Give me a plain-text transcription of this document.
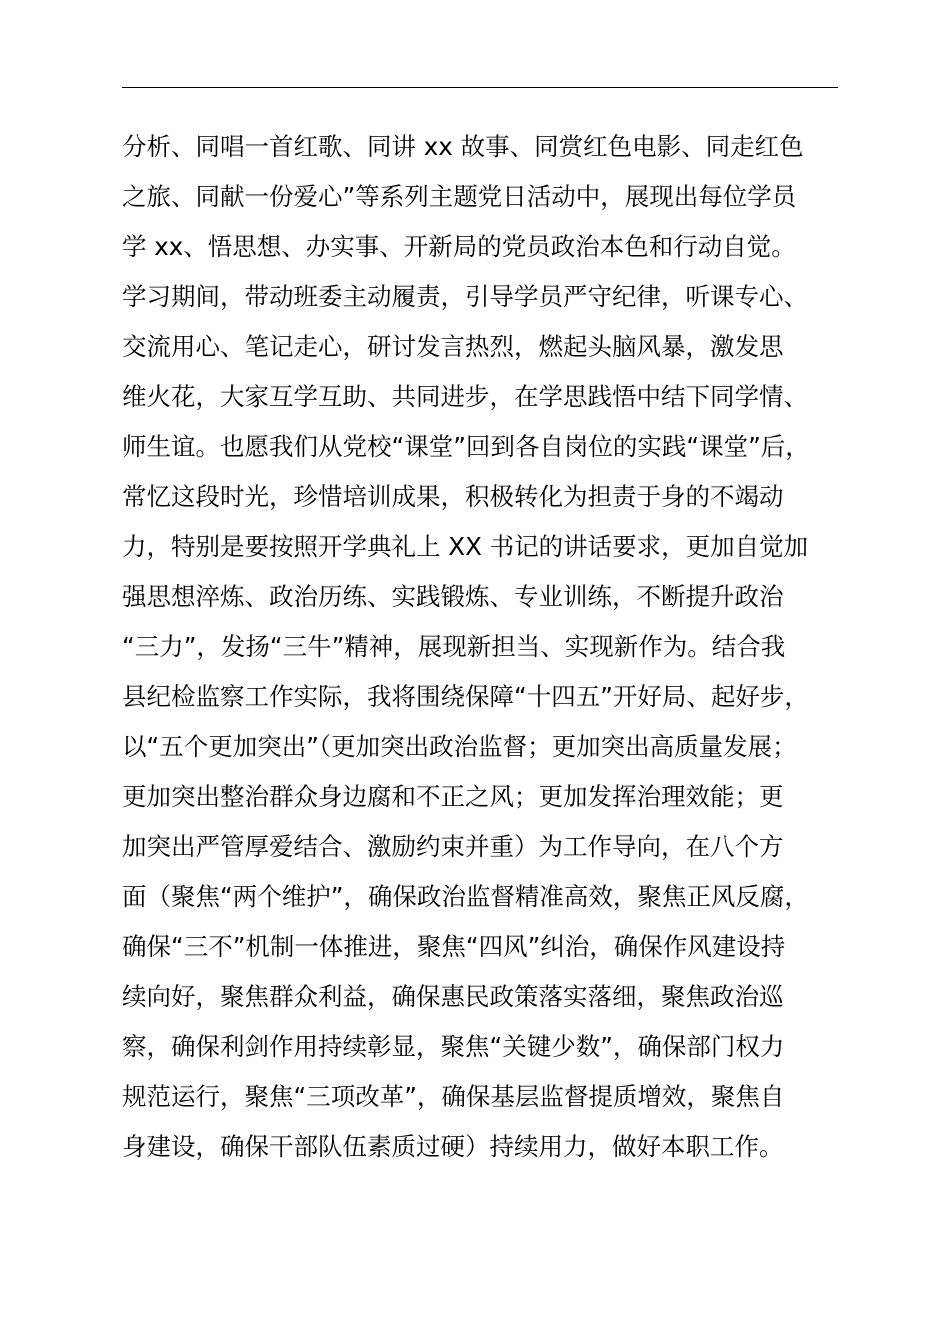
分析、同唱一首红歌、同讲 xx 故事、同赏红色电影、同走红色
之旅、同献一份爱心”等系列主题党日活动中，展现出每位学员
学 xx、悟思想、办实事、开新局的党员政治本色和行动自觉。
学习期间，带动班委主动履责，引导学员严守纪律，听课专心、
交流用心、笔记走心，研讨发言热烈，燃起头脑风暴，激发思
维火花，大家互学互助、共同进步，在学思践悟中结下同学情、
师生谊。也愿我们从党校“课堂”回到各自岗位的实践“课堂”后，
常忆这段时光，珍惜培训成果，积极转化为担责于身的不竭动
力，特别是要按照开学典礼上 XX 书记的讲话要求，更加自觉加
强思想淬炼、政治历练、实践锻炼、专业训练，不断提升政治
“三力”，发扬“三牛”精神，展现新担当、实现新作为。结合我
县纪检监察工作实际，我将围绕保障“十四五”开好局、起好步，
以“五个更加突出”（更加突出政治监督；更加突出高质量发展；
更加突出整治群众身边腐和不正之风；更加发挥治理效能；更
加突出严管厚爱结合、激励约束并重）为工作导向，在八个方
面（聚焦“两个维护”，确保政治监督精准高效，聚焦正风反腐，
确保“三不”机制一体推进，聚焦“四风”纠治，确保作风建设持
续向好，聚焦群众利益，确保惠民政策落实落细，聚焦政治巡
察，确保利剑作用持续彰显，聚焦“关键少数”，确保部门权力
规范运行，聚焦“三项改革”，确保基层监督提质增效，聚焦自
身建设，确保干部队伍素质过硬）持续用力，做好本职工作。
